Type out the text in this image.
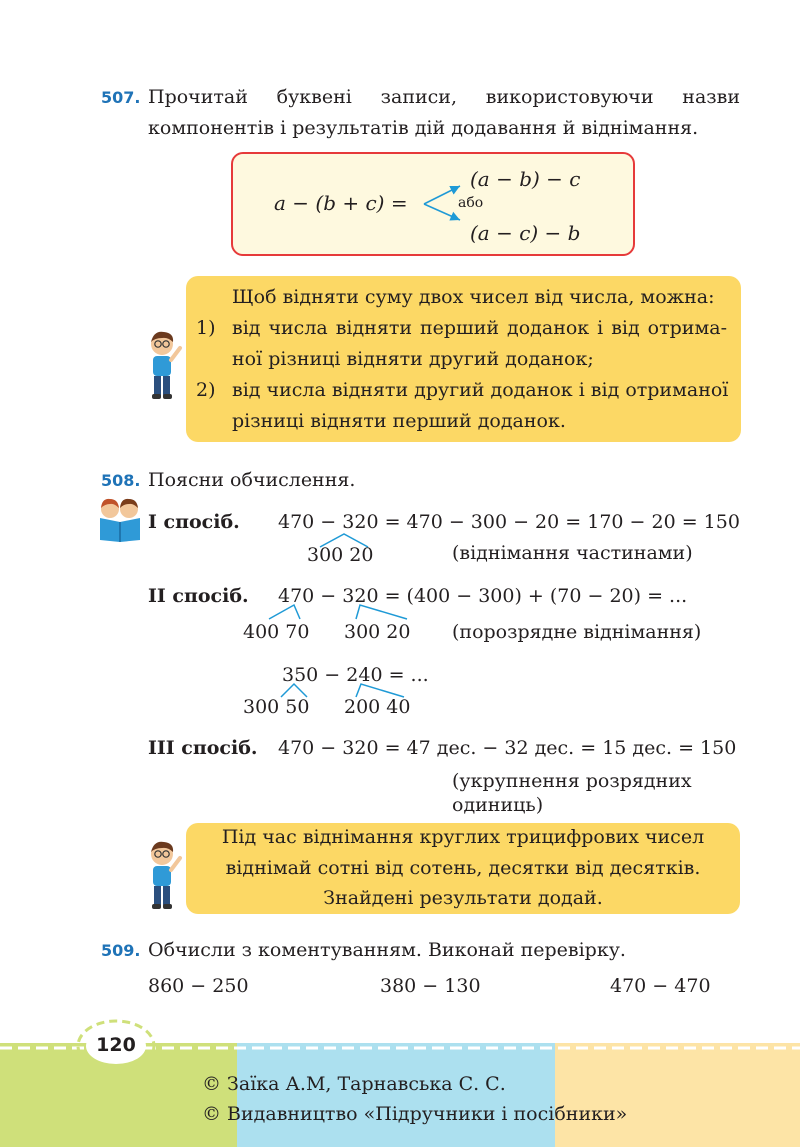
507. Прочитай буквені записи, використовуючи назви
компонентів і результатів дій додавання й віднімання.
a − (b + c) =
(a − b) − c
або
(a − c) − b
Щоб відняти суму двох чисел від числа, можна:
1) від числа відняти перший доданок і від отрима-
ної різниці відняти другий доданок;
2) від числа відняти другий доданок і від отриманої
різниці відняти перший доданок.
508. Поясни обчислення.
I спосіб. 470 − 320 = 470 − 300 − 20 = 170 − 20 = 150
300 20	(віднімання частинами)
II спосіб. 470 − 320 = (400 − 300) + (70 − 20) = ...
400 70 300 20 (порозрядне віднімання)
350 − 240 = ...
300 50 200 40
III спосіб. 470 − 320 = 47 дес. − 32 дес. = 15 дес. = 150
(укрупнення розрядних
одиниць)
Під час віднімання круглих трицифрових чисел
віднімай сотні від сотень, десятки від десятків.
Знайдені результати додай.
509. Обчисли з коментуванням. Виконай перевірку.
860 − 250	380 − 130	470 − 470
120
© Заїка А.М, Тарнавська С. С.
© Видавництво «Підручники і посібники»
